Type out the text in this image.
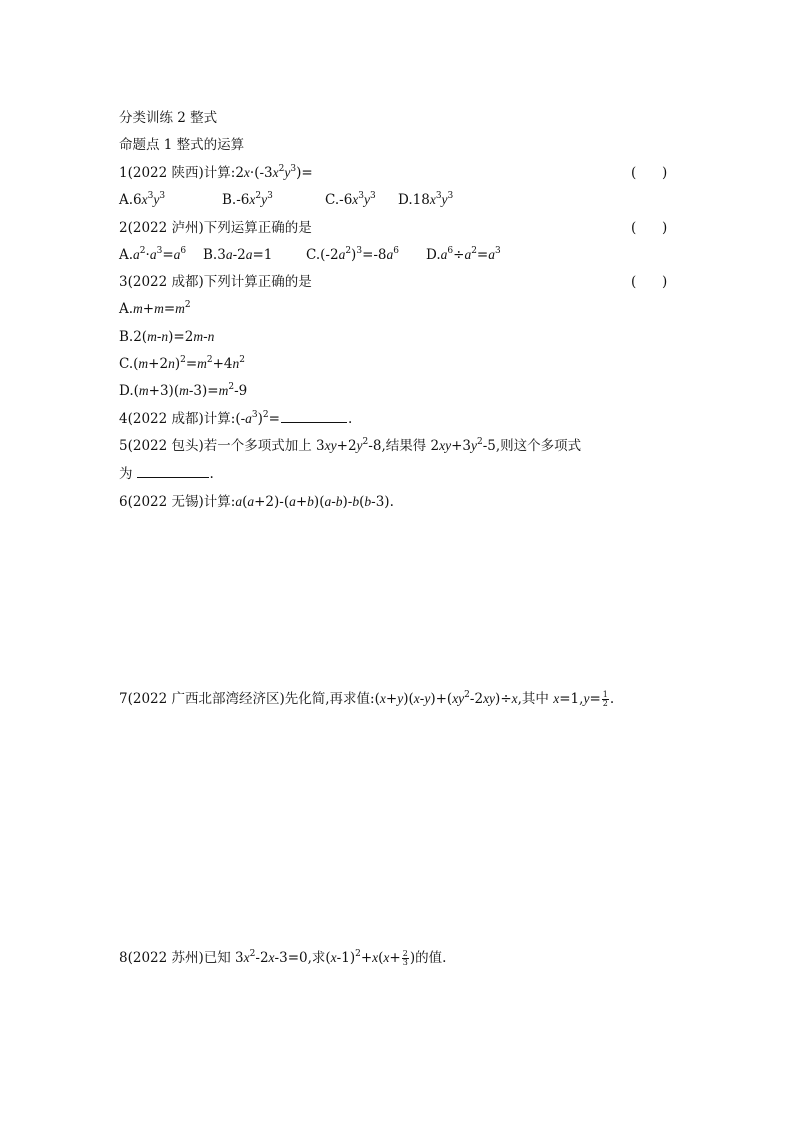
分类训练 2 整式
命题点 1 整式的运算
1(2022 陕西)计算$:2x\cdot(-3x^2y^3)=$	(      )
$A.6x^3y^3$	$B.-6x^2y^3$	$C.-6x^3y^3$ $D.18x^3y^3$
2(2022 泸州)下列运算正确的是	(      )
$A.a^2\cdot a^3=a^6$ B.3a-2a=1 $C.(-2a^2)^3=-8a^6$ $D.a^6\div a^2=a^3$
3(2022 成都)下列计算正确的是	(      )
$A.m+m=m^2$
B.2(m-n)=2m-n
$C.(m+2n)^2=m^2+4n^2$
$D.(m+3)(m-3)=m^2-9$
4(2022 成都)计算$:(-a^3)^2=$	.
5(2022 包头)若一个多项式加上 $3xy+2y^2-8$,结果得 $2xy+3y^2-5$,则这个多项式
为	.
6(2022 无锡)计算:a(a+2)-(a+b)(a-b)-b(b-3).
7(2022 广西北部湾经济区)先化简,再求值$:(x+y)(x-y)+(xy^2-2xy)\div x$,其中 $x=1,y= \frac{1}{2}$ .
8(2022 苏州)已知 $3x^2-2x-3=0$,求$(x-1)^2+x(x+ \frac{2}{3}$ )的值.
